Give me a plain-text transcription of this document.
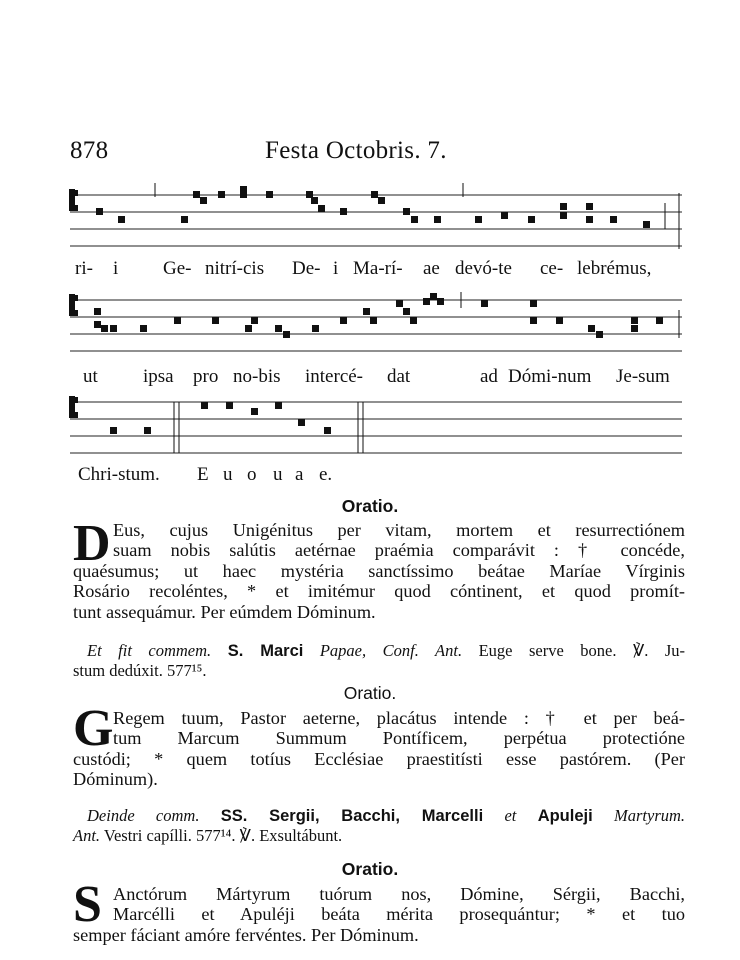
878	Festa Octobris. 7.
ri- i Ge- nitrí-cis De- i Ma-rí- ae devó-te ce- lebrémus,
ut ipsa pro no-bis intercé- dat	ad Dómi-num Je-sum
Chri-stum. E u o u a e.
Oratio.
D Eus, cujus Unigénitus per vitam, mortem et resurrectiónem
suam nobis salútis aetérnae praémia comparávit : † concéde,
quaésumus; ut haec mystéria sanctíssimo beátae Maríae Vírginis
Rosário recoléntes, * et imitémur quod cóntinent, et quod promít-
tunt assequámur. Per eúmdem Dóminum.
Et fit commem. S. Marci Papae, Conf. Ant. Euge serve bone. ℣. Ju-
stum dedúxit. 577¹⁵.
Oratio.
G Regem tuum, Pastor aeterne, placátus intende : † et per beá-
tum Marcum Summum Pontíficem, perpétua protectióne
custódi; * quem totíus Ecclésiae praestitísti esse pastórem. (Per
Dóminum).
Deinde comm. SS. Sergii, Bacchi, Marcelli et Apuleji Martyrum.
Ant. Vestri capílli. 577¹⁴. ℣. Exsultábunt.
Oratio.
S Anctórum Mártyrum tuórum nos, Dómine, Sérgii, Bacchi,
Marcélli et Apuléji beáta mérita prosequántur; * et tuo
semper fáciant amóre fervéntes. Per Dóminum.
